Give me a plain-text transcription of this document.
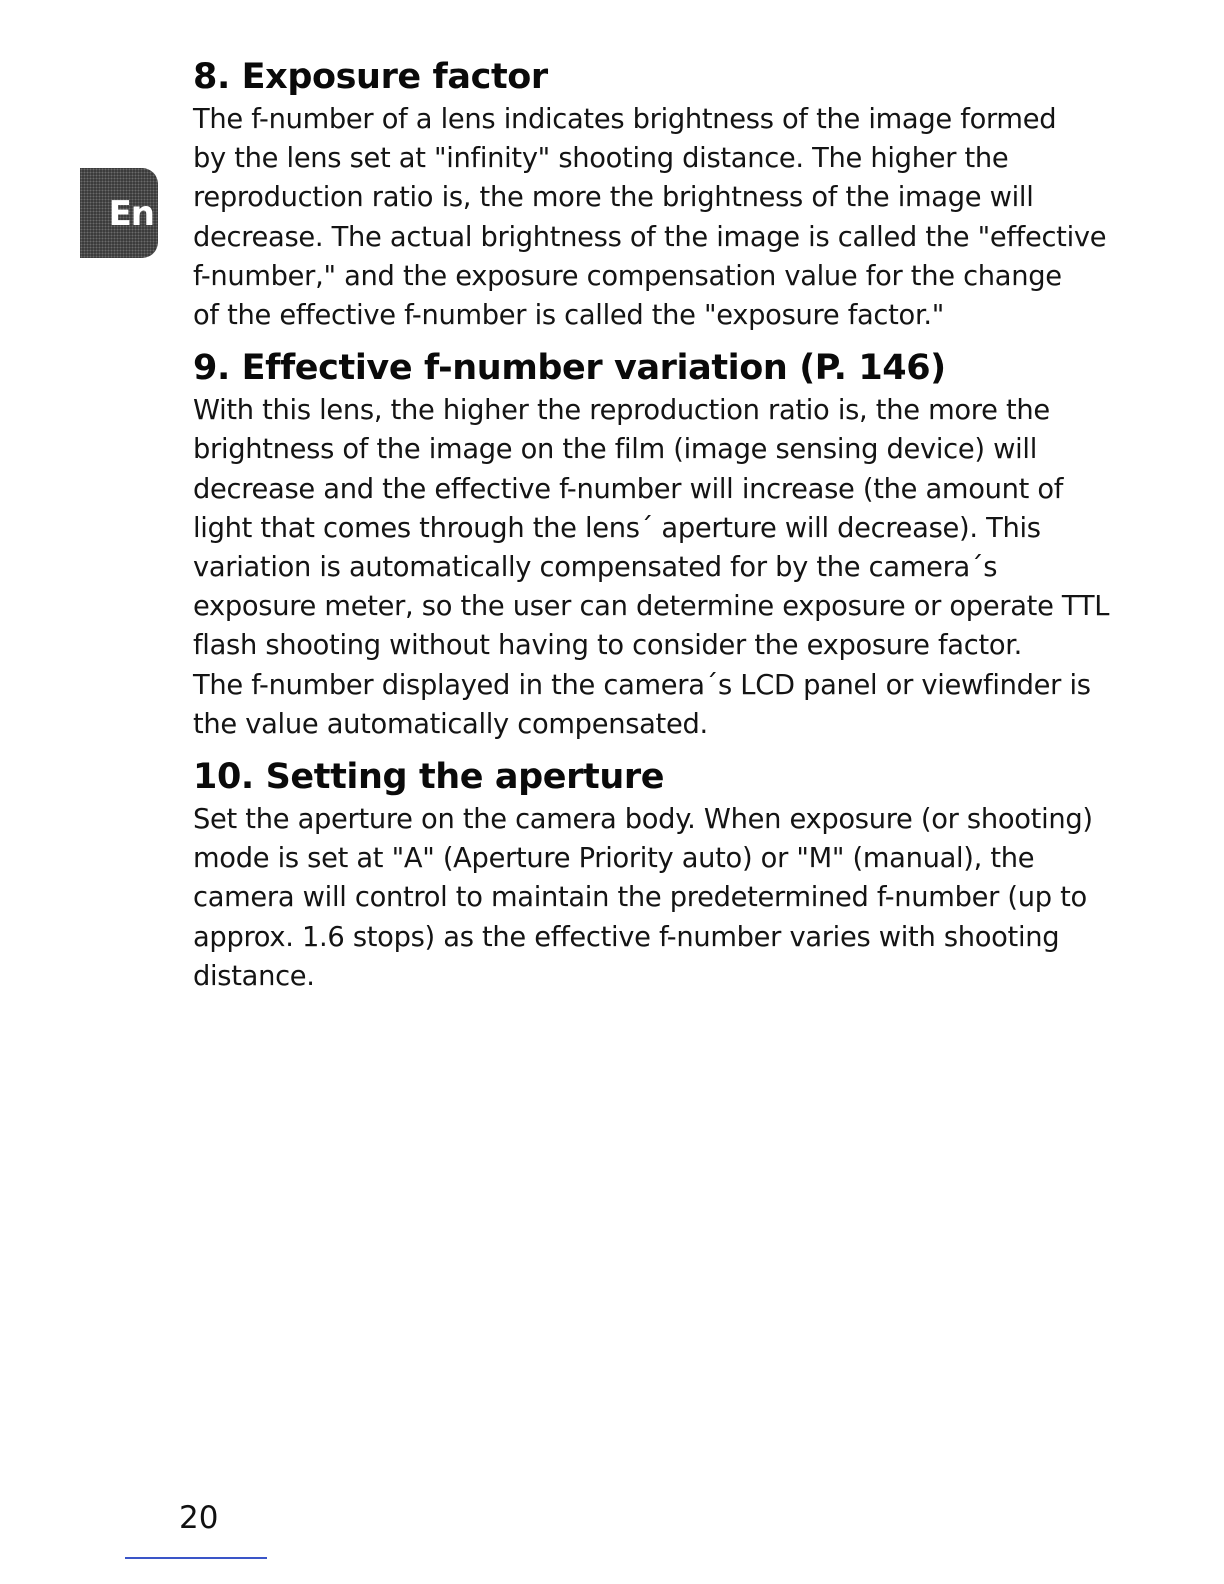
En
8. Exposure factor

The f-number of a lens indicates brightness of the image formed
by the lens set at "infinity" shooting distance. The higher the
reproduction ratio is, the more the brightness of the image will
decrease. The actual brightness of the image is called the "effective
f-number," and the exposure compensation value for the change
of the effective f-number is called the "exposure factor."

9. Effective f-number variation (P. 146)

With this lens, the higher the reproduction ratio is, the more the
brightness of the image on the film (image sensing device) will
decrease and the effective f-number will increase (the amount of
light that comes through the lens´ aperture will decrease). This
variation is automatically compensated for by the camera´s
exposure meter, so the user can determine exposure or operate TTL
flash shooting without having to consider the exposure factor.
The f-number displayed in the camera´s LCD panel or viewfinder is
the value automatically compensated.

10. Setting the aperture

Set the aperture on the camera body. When exposure (or shooting)
mode is set at "A" (Aperture Priority auto) or "M" (manual), the
camera will control to maintain the predetermined f-number (up to
approx. 1.6 stops) as the effective f-number varies with shooting
distance.

20
